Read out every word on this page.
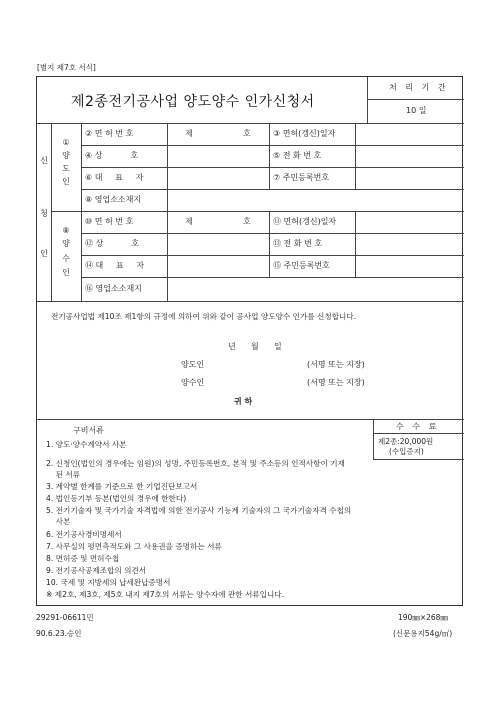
[별지 제7호 서식]
제2종전기공사업 양도양수 인가신청서
처 리 기 간
10 일
신
청
인
①
양
도
인
⑧
양
수
인
② 면 허 번 호	제	호	③ 면허(갱신)일자
④ 상           호	⑤ 전 화 번 호
⑥ 대     표     자	⑦ 주민등록번호
⑧ 영업소소재지
⑩ 면 허 번 호	제	호	⑪ 면허(갱신)일자
⑫ 상           호	⑬ 전 화 번 호
⑭ 대     표     자	⑮ 주민등록번호
⑯ 영업소소재지
전기공사업법 제10조 제1항의 규정에 의하여 위와 같이 공사업 양도양수 인가를 신청합니다.
년      월      일
양도인	(서명 또는 지장)
양수인	(서명 또는 지장)
귀 하
구비서류	수 수 료
제2종:20,000원
(수입증지)
1. 양도·양수계약서 사본
2. 신청인(법인의 경우에는 임원)의 성명, 주민등록번호, 본적 및 주소등의 인적사항이 기재
된 서류
3. 계약별 한계를 기준으로 한 기업진단보고서
4. 법인등기부 등본(법인의 경우에 한한다)
5. 전기기술자 및 국가기술 자격법에 의한 전기공사 기능계 기술자의 그 국가기술자격 수첩의
사본
6. 전기공사경비명세서
7. 사무실의 평면측적도와 그 사용권을 증명하는 서류
8. 면허증 및 면허수첩
9. 전기공사공제조합의 의견서
10. 국세 및 지방세의 납세완납증명서
※ 제2호, 제3호, 제5호 내지 제7호의 서류는 양수자에 관한 서류입니다.
29291-06611민
90.6.23.승인
190㎜×268㎜
(신문용지54g/㎡)
